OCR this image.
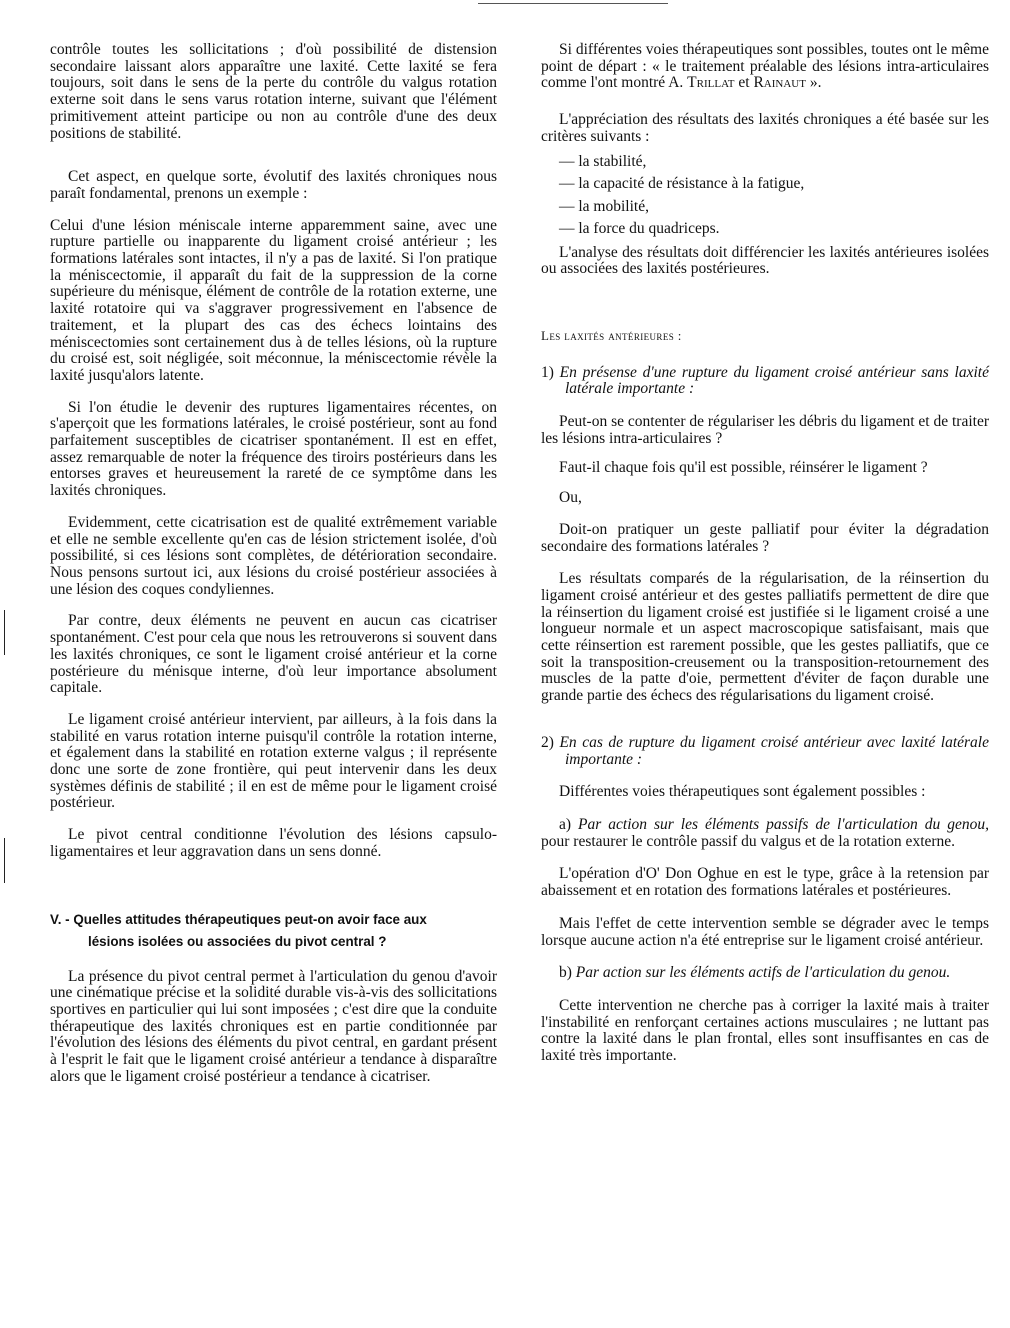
contrôle toutes les sollicitations ; d'où possibilité de distension secondaire laissant alors apparaître une laxité. Cette laxité se fera toujours, soit dans le sens de la perte du contrôle du valgus rotation externe soit dans le sens varus rotation interne, suivant que l'élément primitivement atteint participe ou non au contrôle d'une des deux positions de stabilité.

Cet aspect, en quelque sorte, évolutif des laxités chroniques nous paraît fondamental, prenons un exemple :

Celui d'une lésion méniscale interne apparemment saine, avec une rupture partielle ou inapparente du ligament croisé antérieur ; les formations latérales sont intactes, il n'y a pas de laxité. Si l'on pratique la méniscectomie, il apparaît du fait de la suppression de la corne supérieure du ménisque, élément de contrôle de la rotation externe, une laxité rotatoire qui va s'aggraver progressivement en l'absence de traitement, et la plupart des cas des échecs lointains des méniscectomies sont certainement dus à de telles lésions, où la rupture du croisé est, soit négligée, soit méconnue, la méniscectomie révèle la laxité jusqu'alors latente.

Si l'on étudie le devenir des ruptures ligamentaires récentes, on s'aperçoit que les formations latérales, le croisé postérieur, sont au fond parfaitement susceptibles de cicatriser spontanément. Il est en effet, assez remarquable de noter la fréquence des tiroirs postérieurs dans les entorses graves et heureusement la rareté de ce symptôme dans les laxités chroniques.

Evidemment, cette cicatrisation est de qualité extrêmement variable et elle ne semble excellente qu'en cas de lésion strictement isolée, d'où possibilité, si ces lésions sont complètes, de détérioration secondaire. Nous pensons surtout ici, aux lésions du croisé postérieur associées à une lésion des coques condyliennes.

Par contre, deux éléments ne peuvent en aucun cas cicatriser spontanément. C'est pour cela que nous les retrouverons si souvent dans les laxités chroniques, ce sont le ligament croisé antérieur et la corne postérieure du ménisque interne, d'où leur importance absolument capitale.

Le ligament croisé antérieur intervient, par ailleurs, à la fois dans la stabilité en varus rotation interne puisqu'il contrôle la rotation interne, et également dans la stabilité en rotation externe valgus ; il représente donc une sorte de zone frontière, qui peut intervenir dans les deux systèmes définis de stabilité ; il en est de même pour le ligament croisé postérieur.

Le pivot central conditionne l'évolution des lésions capsulo-ligamentaires et leur aggravation dans un sens donné.

V. - Quelles attitudes thérapeutiques peut-on avoir face aux
lésions isolées ou associées du pivot central ?

La présence du pivot central permet à l'articulation du genou d'avoir une cinématique précise et la solidité durable vis-à-vis des sollicitations sportives en particulier qui lui sont imposées ; c'est dire que la conduite thérapeutique des laxités chroniques est en partie conditionnée par l'évolution des lésions des éléments du pivot central, en gardant présent à l'esprit le fait que le ligament croisé antérieur a tendance à disparaître alors que le ligament croisé postérieur a tendance à cicatriser.

Si différentes voies thérapeutiques sont possibles, toutes ont le même point de départ : « le traitement préalable des lésions intra-articulaires comme l'ont montré A. Trillat et Rainaut ».

L'appréciation des résultats des laxités chroniques a été basée sur les critères suivants :

— la stabilité,
— la capacité de résistance à la fatigue,
— la mobilité,
— la force du quadriceps.

L'analyse des résultats doit différencier les laxités antérieures isolées ou associées des laxités postérieures.

Les laxités antérieures :

1) En présense d'une rupture du ligament croisé antérieur sans laxité latérale importante :

Peut-on se contenter de régulariser les débris du ligament et de traiter les lésions intra-articulaires ?

Faut-il chaque fois qu'il est possible, réinsérer le ligament ?

Ou,

Doit-on pratiquer un geste palliatif pour éviter la dégradation secondaire des formations latérales ?

Les résultats comparés de la régularisation, de la réinsertion du ligament croisé antérieur et des gestes palliatifs permettent de dire que la réinsertion du ligament croisé est justifiée si le ligament croisé a une longueur normale et un aspect macroscopique satisfaisant, mais que cette réinsertion est rarement possible, que les gestes palliatifs, que ce soit la transposition-creusement ou la transposition-retournement des muscles de la patte d'oie, permettent d'éviter de façon durable une grande partie des échecs des régularisations du ligament croisé.

2) En cas de rupture du ligament croisé antérieur avec laxité latérale importante :

Différentes voies thérapeutiques sont également possibles :

a) Par action sur les éléments passifs de l'articulation du genou, pour restaurer le contrôle passif du valgus et de la rotation externe.

L'opération d'O' Don Oghue en est le type, grâce à la retension par abaissement et en rotation des formations latérales et postérieures.

Mais l'effet de cette intervention semble se dégrader avec le temps lorsque aucune action n'a été entreprise sur le ligament croisé antérieur.

b) Par action sur les éléments actifs de l'articulation du genou.

Cette intervention ne cherche pas à corriger la laxité mais à traiter l'instabilité en renforçant certaines actions musculaires ; ne luttant pas contre la laxité dans le plan frontal, elles sont insuffisantes en cas de laxité très importante.
